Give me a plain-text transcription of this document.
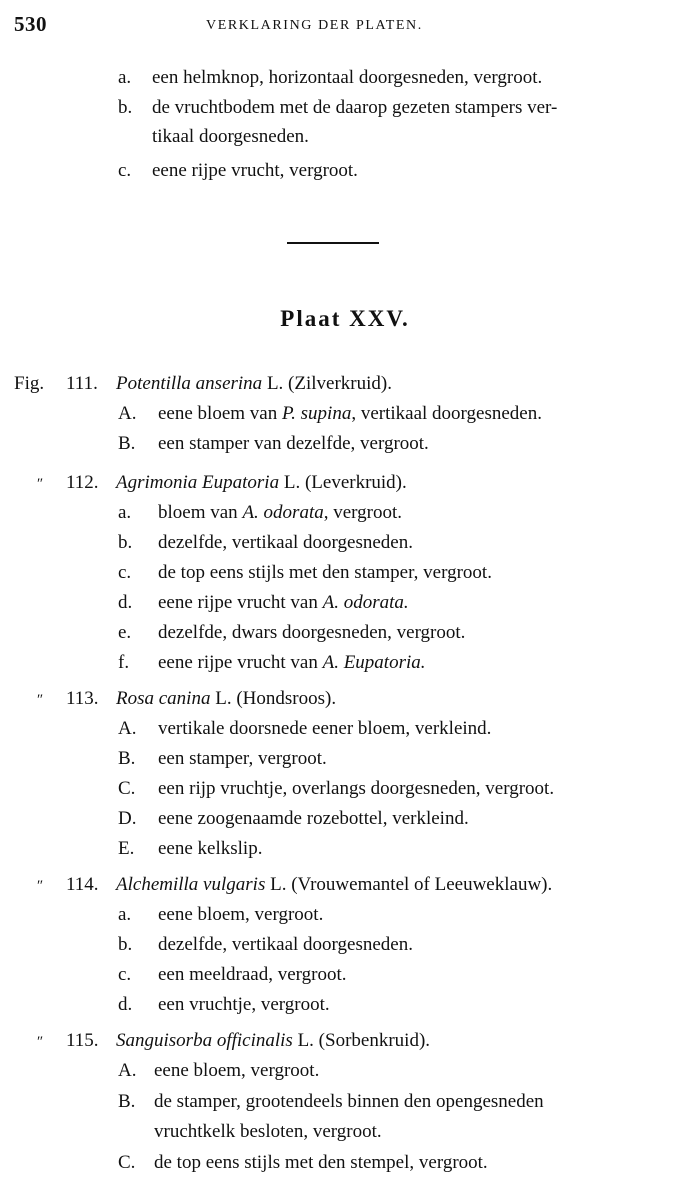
530	VERKLARING DER PLATEN.
a. een helmknop, horizontaal doorgesneden, vergroot.
b. de vruchtbodem met de daarop gezeten stampers ver-
tikaal doorgesneden.
c. eene rijpe vrucht, vergroot.
Plaat XXV.
Fig. 111. Potentilla anserina L. (Zilverkruid).
A. eene bloem van P. supina, vertikaal doorgesneden.
B. een stamper van dezelfde, vergroot.
″ 112. Agrimonia Eupatoria L. (Leverkruid).
a. bloem van A. odorata, vergroot.
b. dezelfde, vertikaal doorgesneden.
c. de top eens stijls met den stamper, vergroot.
d. eene rijpe vrucht van A. odorata.
e. dezelfde, dwars doorgesneden, vergroot.
f. eene rijpe vrucht van A. Eupatoria.
″ 113. Rosa canina L. (Hondsroos).
A. vertikale doorsnede eener bloem, verkleind.
B. een stamper, vergroot.
C. een rijp vruchtje, overlangs doorgesneden, vergroot.
D. eene zoogenaamde rozebottel, verkleind.
E. eene kelkslip.
″ 114. Alchemilla vulgaris L. (Vrouwemantel of Leeuweklauw).
a. eene bloem, vergroot.
b. dezelfde, vertikaal doorgesneden.
c. een meeldraad, vergroot.
d. een vruchtje, vergroot.
″ 115. Sanguisorba officinalis L. (Sorbenkruid).
A. eene bloem, vergroot.
B. de stamper, grootendeels binnen den opengesneden
vruchtkelk besloten, vergroot.
C. de top eens stijls met den stempel, vergroot.
